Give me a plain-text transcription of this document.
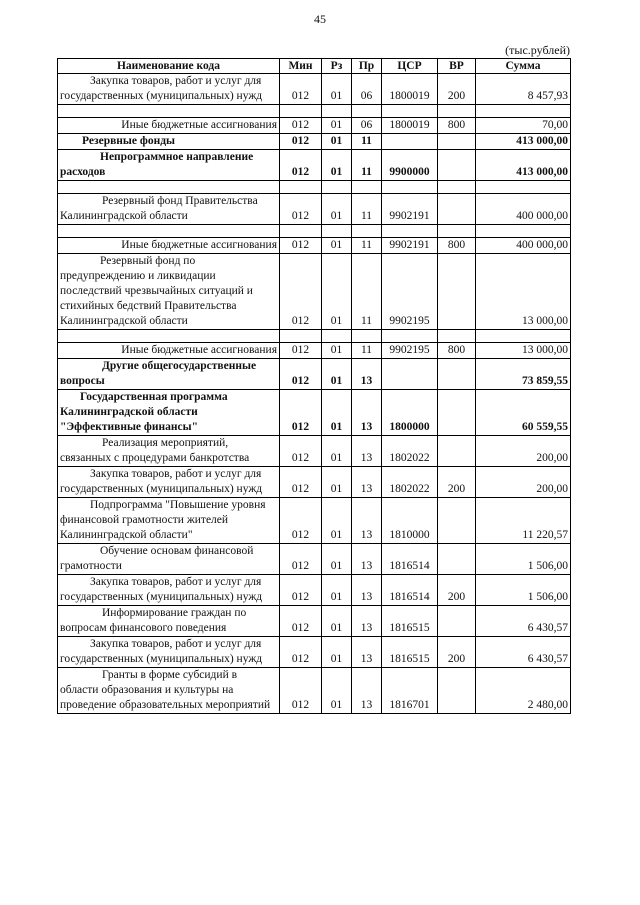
45
(тыс.рублей)
Наименование кода	Мин	Рз	Пр	ЦСР	ВР	Сумма
Закупка товаров, работ и услуг для государственных (муниципальных) нужд	012	01	06	1800019	200	8 457,93

Иные бюджетные ассигнования	012	01	06	1800019	800	70,00
Резервные фонды	012	01	11			413 000,00
Непрограммное направление расходов	012	01	11	9900000		413 000,00

Резервный фонд Правительства Калининградской области	012	01	11	9902191		400 000,00

Иные бюджетные ассигнования	012	01	11	9902191	800	400 000,00
Резервный фонд по предупреждению и ликвидации последствий чрезвычайных ситуаций и стихийных бедствий Правительства Калининградской области	012	01	11	9902195		13 000,00

Иные бюджетные ассигнования	012	01	11	9902195	800	13 000,00
Другие общегосударственные вопросы	012	01	13			73 859,55
Государственная программа Калининградской области "Эффективные финансы"	012	01	13	1800000		60 559,55
Реализация мероприятий, связанных с процедурами банкротства	012	01	13	1802022		200,00
Закупка товаров, работ и услуг для государственных (муниципальных) нужд	012	01	13	1802022	200	200,00
Подпрограмма "Повышение уровня финансовой грамотности жителей Калининградской области"	012	01	13	1810000		11 220,57
Обучение основам финансовой грамотности	012	01	13	1816514		1 506,00
Закупка товаров, работ и услуг для государственных (муниципальных) нужд	012	01	13	1816514	200	1 506,00
Информирование граждан по вопросам финансового поведения	012	01	13	1816515		6 430,57
Закупка товаров, работ и услуг для государственных (муниципальных) нужд	012	01	13	1816515	200	6 430,57
Гранты в форме субсидий в области образования и культуры на проведение образовательных мероприятий	012	01	13	1816701		2 480,00
